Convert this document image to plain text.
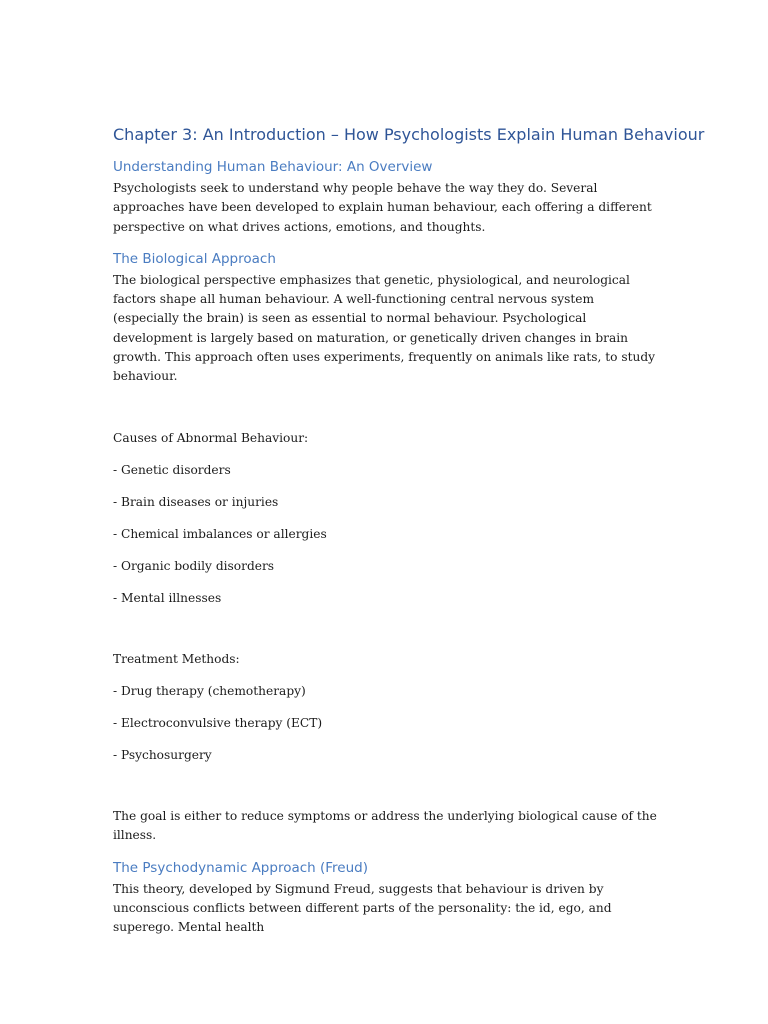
Chapter 3: An Introduction – How Psychologists Explain Human Behaviour
Understanding Human Behaviour: An Overview

Psychologists seek to understand why people behave the way they do. Several approaches have been developed to explain human behaviour, each offering a different perspective on what drives actions, emotions, and thoughts.

The Biological Approach

The biological perspective emphasizes that genetic, physiological, and neurological factors shape all human behaviour. A well-functioning central nervous system (especially the brain) is seen as essential to normal behaviour. Psychological development is largely based on maturation, or genetically driven changes in brain growth. This approach often uses experiments, frequently on animals like rats, to study behaviour.

Causes of Abnormal Behaviour:

- Genetic disorders

- Brain diseases or injuries

- Chemical imbalances or allergies

- Organic bodily disorders

- Mental illnesses

Treatment Methods:

- Drug therapy (chemotherapy)

- Electroconvulsive therapy (ECT)

- Psychosurgery

The goal is either to reduce symptoms or address the underlying biological cause of the illness.

The Psychodynamic Approach (Freud)

This theory, developed by Sigmund Freud, suggests that behaviour is driven by unconscious conflicts between different parts of the personality: the id, ego, and superego. Mental health
